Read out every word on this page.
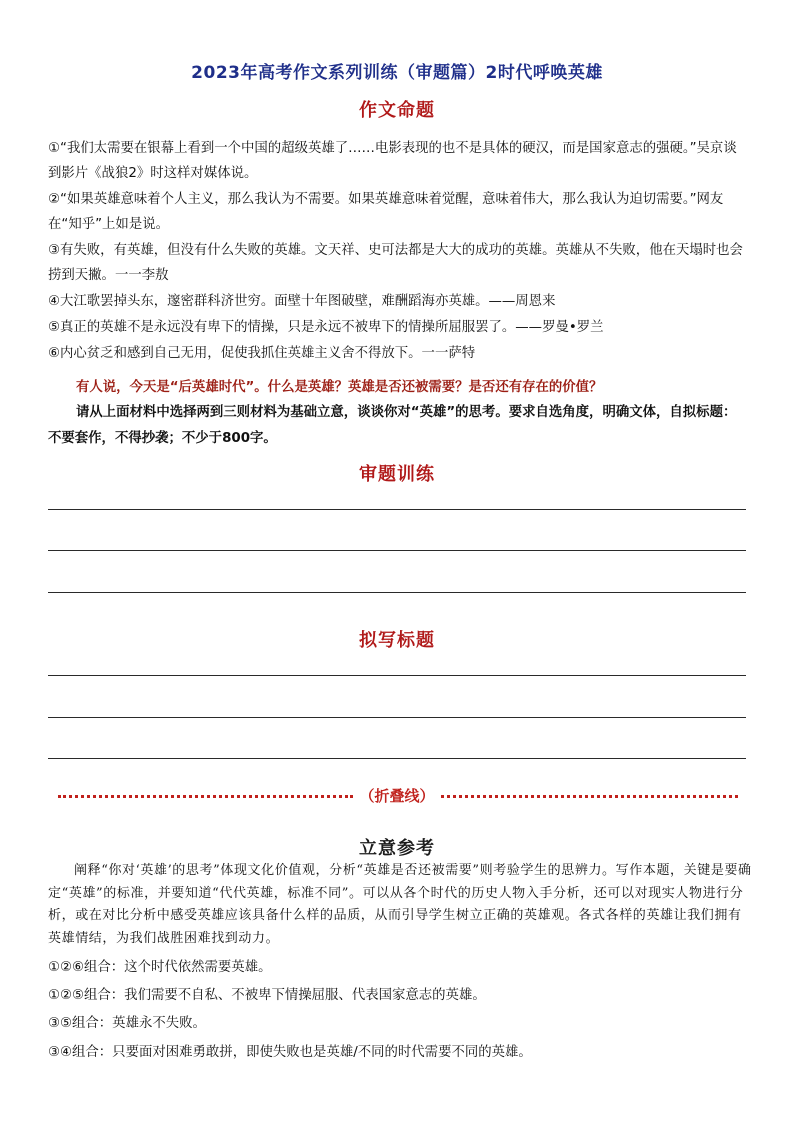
2023年高考作文系列训练（审题篇）2时代呼唤英雄
作文命题
①“我们太需要在银幕上看到一个中国的超级英雄了……电影表现的也不是具体的硬汉，而是国家意志的强硬。”吴京谈到影片《战狼2》时这样对媒体说。
②“如果英雄意味着个人主义，那么我认为不需要。如果英雄意味着觉醒，意味着伟大，那么我认为迫切需要。”网友在“知乎”上如是说。
③有失败，有英雄，但没有什么失败的英雄。文天祥、史可法都是大大的成功的英雄。英雄从不失败，他在天塌时也会捞到天撇。一一李敖
④大江歌罢掉头东，邃密群科济世穷。面壁十年图破壁，难酬蹈海亦英雄。——周恩来
⑤真正的英雄不是永远没有卑下的情操，只是永远不被卑下的情操所屈服罢了。——罗曼•罗兰
⑥内心贫乏和感到自己无用，促使我抓住英雄主义舍不得放下。一一萨特
有人说，今天是“后英雄时代”。什么是英雄？英雄是否还被需要？是否还有存在的价值？
请从上面材料中选择两到三则材料为基础立意，谈谈你对“英雄”的思考。要求自选角度，明确文体，自拟标题：不要套作，不得抄袭；不少于800字。
审题训练
拟写标题
（折叠线）
立意参考
阐释“你对‘英雄’的思考”体现文化价值观，分析“英雄是否还被需要”则考验学生的思辨力。写作本题，关键是要确定“英雄”的标准，并要知道“代代英雄，标准不同”。可以从各个时代的历史人物入手分析，还可以对现实人物进行分析，或在对比分析中感受英雄应该具备什么样的品质，从而引导学生树立正确的英雄观。各式各样的英雄让我们拥有英雄情结，为我们战胜困难找到动力。
①②⑥组合：这个时代依然需要英雄。
①②⑤组合：我们需要不自私、不被卑下情操屈服、代表国家意志的英雄。
③⑤组合：英雄永不失败。
③④组合：只要面对困难勇敢拼，即使失败也是英雄/不同的时代需要不同的英雄。
